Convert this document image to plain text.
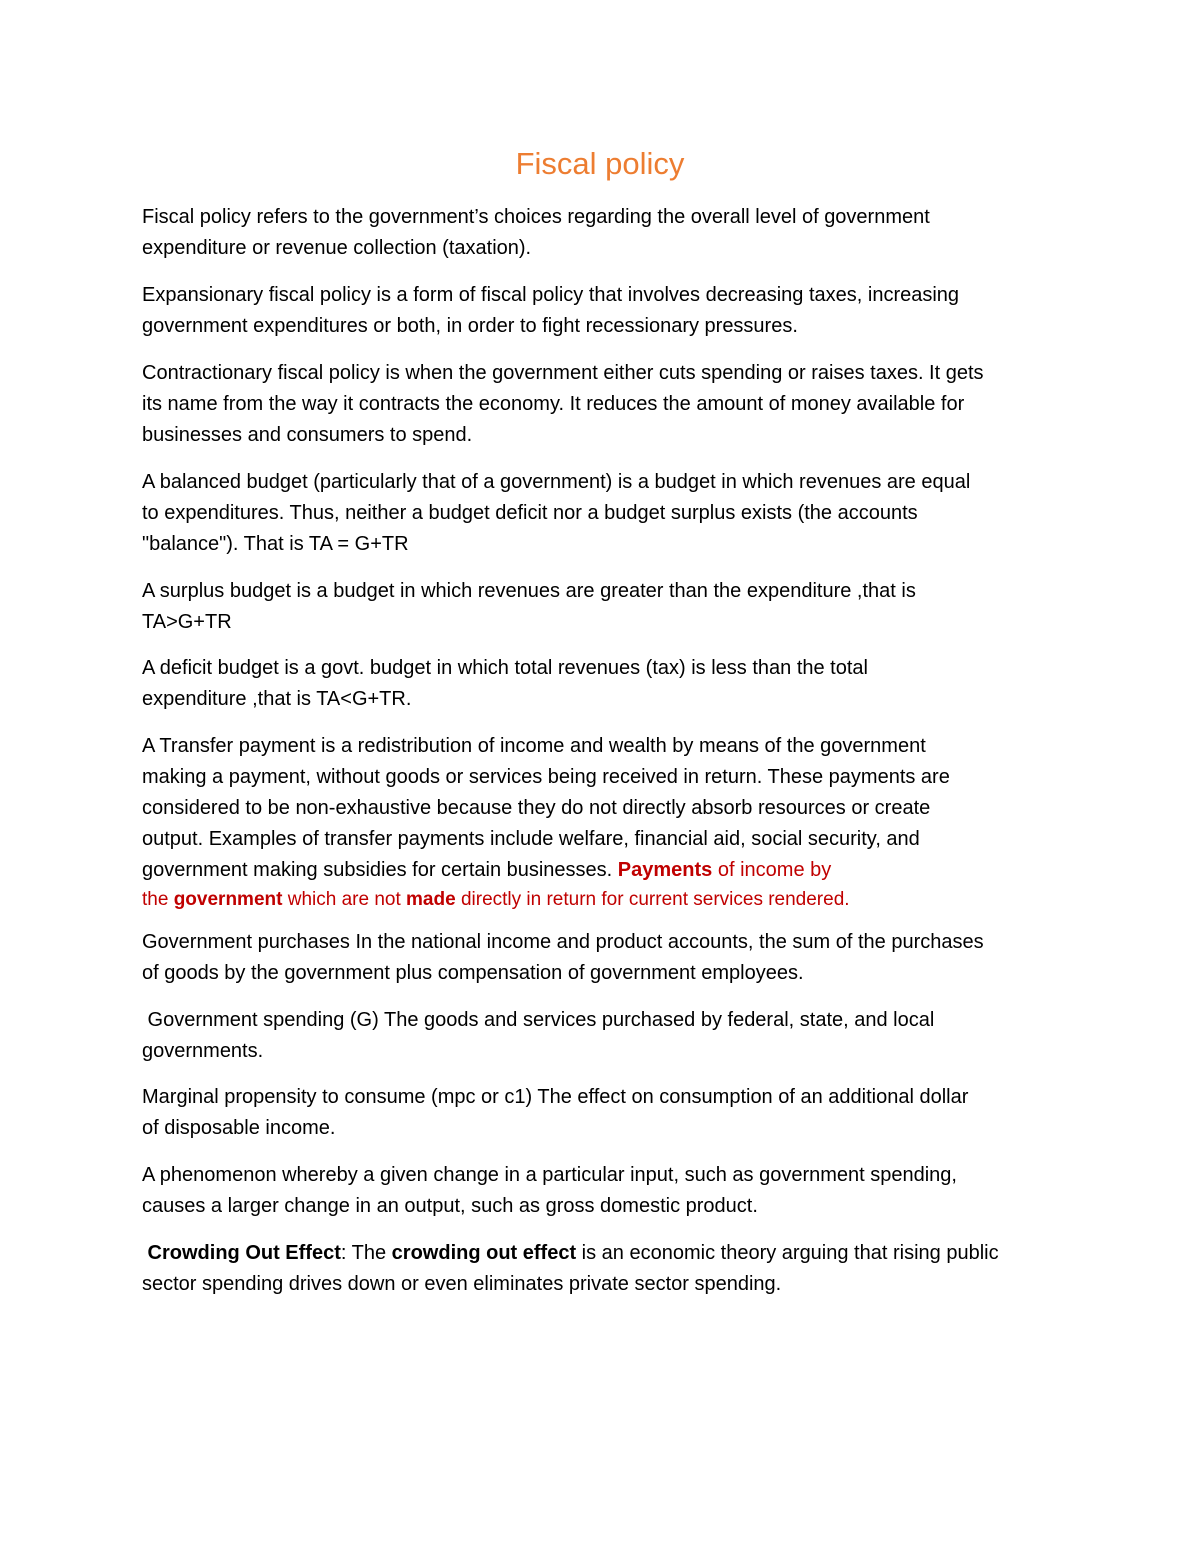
Fiscal policy
Fiscal policy refers to the government’s choices regarding the overall level of government
expenditure or revenue collection (taxation).
Expansionary fiscal policy is a form of fiscal policy that involves decreasing taxes, increasing
government expenditures or both, in order to fight recessionary pressures.
Contractionary fiscal policy is when the government either cuts spending or raises taxes. It gets
its name from the way it contracts the economy. It reduces the amount of money available for
businesses and consumers to spend.
A balanced budget (particularly that of a government) is a budget in which revenues are equal
to expenditures. Thus, neither a budget deficit nor a budget surplus exists (the accounts
"balance"). That is TA = G+TR
A surplus budget is a budget in which revenues are greater than the expenditure ,that is
TA>G+TR
A deficit budget is a govt. budget in which total revenues (tax) is less than the total
expenditure ,that is TA<G+TR.
A Transfer payment is a redistribution of income and wealth by means of the government
making a payment, without goods or services being received in return. These payments are
considered to be non-exhaustive because they do not directly absorb resources or create
output. Examples of transfer payments include welfare, financial aid, social security, and
government making subsidies for certain businesses. Payments of income by
the government which are not made directly in return for current services rendered.
Government purchases In the national income and product accounts, the sum of the purchases
of goods by the government plus compensation of government employees.
Government spending (G) The goods and services purchased by federal, state, and local
governments.
Marginal propensity to consume (mpc or c1) The effect on consumption of an additional dollar
of disposable income.
A phenomenon whereby a given change in a particular input, such as government spending,
causes a larger change in an output, such as gross domestic product.
Crowding Out Effect: The crowding out effect is an economic theory arguing that rising public
sector spending drives down or even eliminates private sector spending.
